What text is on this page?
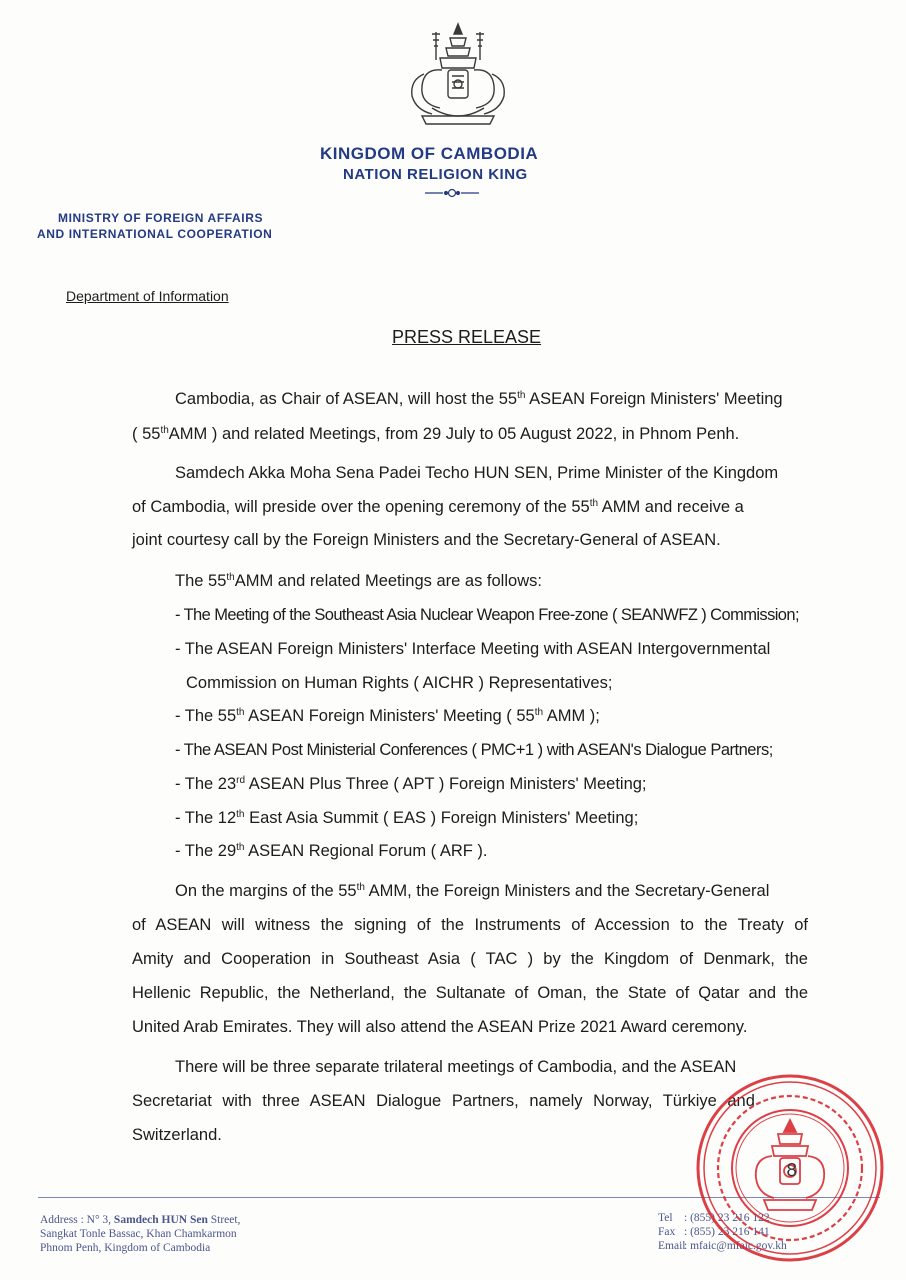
KINGDOM OF CAMBODIA
NATION RELIGION KING
MINISTRY OF FOREIGN AFFAIRS
AND INTERNATIONAL COOPERATION
Department of Information
PRESS RELEASE
Cambodia, as Chair of ASEAN, will host the 55th ASEAN Foreign Ministers' Meeting
( 55thAMM ) and related Meetings, from 29 July to 05 August 2022, in Phnom Penh.
Samdech Akka Moha Sena Padei Techo HUN SEN, Prime Minister of the Kingdom
of Cambodia, will preside over the opening ceremony of the 55th AMM and receive a
joint courtesy call by the Foreign Ministers and the Secretary-General of ASEAN.
The 55thAMM and related Meetings are as follows:
- The Meeting of the Southeast Asia Nuclear Weapon Free-zone ( SEANWFZ ) Commission;
- The ASEAN Foreign Ministers' Interface Meeting with ASEAN Intergovernmental
Commission on Human Rights ( AICHR ) Representatives;
- The 55th ASEAN Foreign Ministers' Meeting ( 55th AMM );
- The ASEAN Post Ministerial Conferences ( PMC+1 ) with ASEAN's Dialogue Partners;
- The 23rd ASEAN Plus Three ( APT ) Foreign Ministers' Meeting;
- The 12th East Asia Summit ( EAS ) Foreign Ministers' Meeting;
- The 29th ASEAN Regional Forum ( ARF ).
On the margins of the 55th AMM, the Foreign Ministers and the Secretary-General
of ASEAN will witness the signing of the Instruments of Accession to the Treaty of
Amity and Cooperation in Southeast Asia ( TAC ) by the Kingdom of Denmark, the
Hellenic Republic, the Netherland, the Sultanate of Oman, the State of Qatar and the
United Arab Emirates. They will also attend the ASEAN Prize 2021 Award ceremony.
There will be three separate trilateral meetings of Cambodia, and the ASEAN
Secretariat with three ASEAN Dialogue Partners, namely Norway, Türkiye and
Switzerland.
Address : N° 3, Samdech HUN Sen Street,
Sangkat Tonle Bassac, Khan Chamkarmon
Phnom Penh, Kingdom of Cambodia
Tel : (855) 23 216 122
Fax : (855) 23 216 141
Email: mfaic@mfaic.gov.kh
8
